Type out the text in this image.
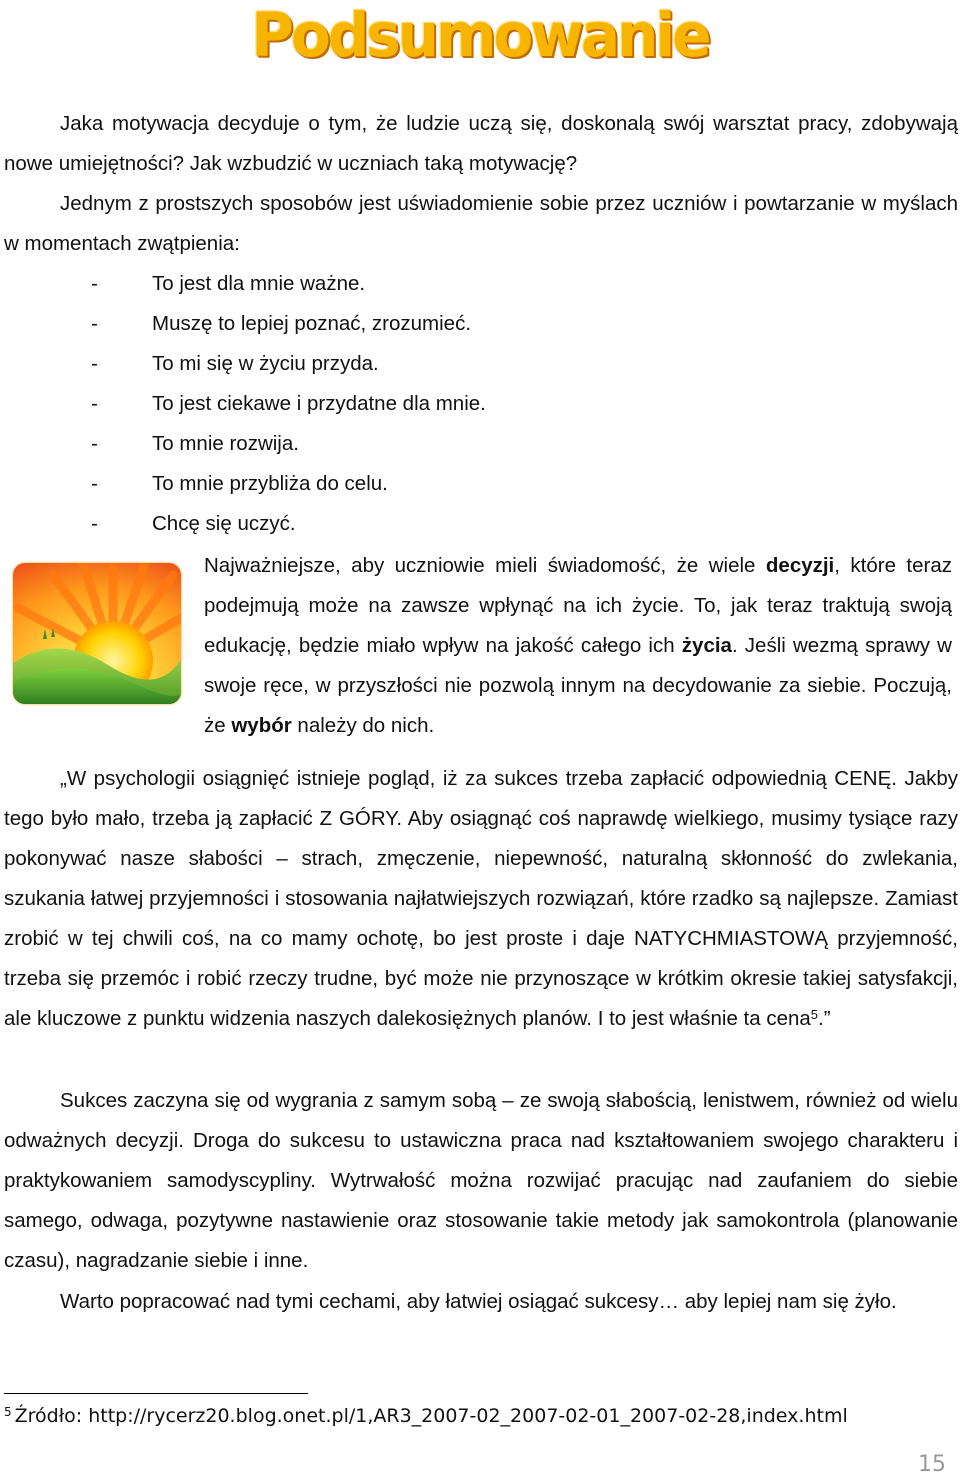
Podsumowanie

Jaka motywacja decyduje o tym, że ludzie uczą się, doskonalą swój warsztat pracy, zdobywają nowe umiejętności? Jak wzbudzić w uczniach taką motywację?

Jednym z prostszych sposobów jest uświadomienie sobie przez uczniów i powtarzanie w myślach w momentach zwątpienia:

-	To jest dla mnie ważne.
-	Muszę to lepiej poznać, zrozumieć.
-	To mi się w życiu przyda.
-	To jest ciekawe i przydatne dla mnie.
-	To mnie rozwija.
-	To mnie przybliża do celu.
-	Chcę się uczyć.

Najważniejsze, aby uczniowie mieli świadomość, że wiele decyzji, które teraz podejmują może na zawsze wpłynąć na ich życie. To, jak teraz traktują swoją edukację, będzie miało wpływ na jakość całego ich życia. Jeśli wezmą sprawy w swoje ręce, w przyszłości nie pozwolą innym na decydowanie za siebie. Poczują, że wybór należy do nich.

„W psychologii osiągnięć istnieje pogląd, iż za sukces trzeba zapłacić odpowiednią CENĘ. Jakby tego było mało, trzeba ją zapłacić Z GÓRY. Aby osiągnąć coś naprawdę wielkiego, musimy tysiące razy pokonywać nasze słabości – strach, zmęczenie, niepewność, naturalną skłonność do zwlekania, szukania łatwej przyjemności i stosowania najłatwiejszych rozwiązań, które rzadko są najlepsze. Zamiast zrobić w tej chwili coś, na co mamy ochotę, bo jest proste i daje NATYCHMIASTOWĄ przyjemność, trzeba się przemóc i robić rzeczy trudne, być może nie przynoszące w krótkim okresie takiej satysfakcji, ale kluczowe z punktu widzenia naszych dalekosiężnych planów. I to jest właśnie ta cena$^5$.”

Sukces zaczyna się od wygrania z samym sobą – ze swoją słabością, lenistwem, również od wielu odważnych decyzji. Droga do sukcesu to ustawiczna praca nad kształtowaniem swojego charakteru i praktykowaniem samodyscypliny. Wytrwałość można rozwijać pracując nad zaufaniem do siebie samego, odwaga, pozytywne nastawienie oraz stosowanie takie metody jak samokontrola (planowanie czasu), nagradzanie siebie i inne.

Warto popracować nad tymi cechami, aby łatwiej osiągać sukcesy… aby lepiej nam się żyło.

$^5$ Źródło: http://rycerz20.blog.onet.pl/1,AR3_2007-02_2007-02-01_2007-02-28,index.html
15
